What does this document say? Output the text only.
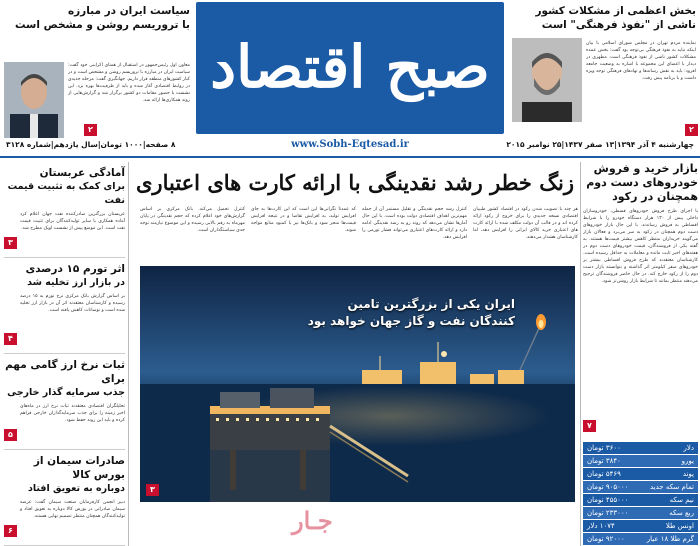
صبح اقتصاد
www.Sobh-Eqtesad.ir
بخش اعظمی از مشکلات کشور
ناشی از "نفوذ فرهنگی" است
نماینده مردم تهران در مجلس شورای اسلامی با بیان اینکه نباید به نفوذ فرهنگی بی‌توجه بود گفت: بخش عمده مشکلات کشور ناشی از نفوذ فرهنگی است. مطهری در دیدار با اعضای این مجموعه با اشاره به وضعیت جامعه افزود: باید به نقش رسانه‌ها و نهادهای فرهنگی توجه ویژه داشت و با برنامه پیش رفت.
۲
سیاست ایران در مبارزه
با تروریسم روشن و مشخص است
معاون اول رئیس‌جمهور در استقبال از همتای اکراینی خود گفت: سیاست ایران در مبارزه با تروریسم روشن و مشخص است و در کنار کشورهای منطقه قرار داریم. جهانگیری گفت: مرحله جدیدی در روابط اقتصادی آغاز شده و باید از ظرفیت‌ها بهره برد. این نشست با حضور مقامات دو کشور برگزار شد و گزارش‌هایی از روند همکاری‌ها ارائه شد.
۲
چهارشنبه ۴ آذر ۱۳۹۴|۱۳ صفر ۱۴۳۷|۲۵ نوامبر ۲۰۱۵
۸ صفحه|۱۰۰۰ تومان|سال یازدهم|شماره ۳۱۲۸
بازار خرید و فروش
خودروهای دست دوم
همچنان در رکود
با اجرای طرح فروش خودروهای قسطی، خودروسازان داخلی پیش از ۱۳۰ هزار دستگاه خودرو را با شرایط اقساطی به فروش رساندند. با این حال بازار خودروهای دست دوم همچنان در رکود به سر می‌برد و فعالان بازار می‌گویند خریداران منتظر کاهش بیشتر قیمت‌ها هستند. به گفته یکی از فروشندگان، قیمت خودروهای دست دوم در هفته‌های اخیر ثابت مانده و معاملات به حداقل رسیده است. کارشناسان معتقدند که طرح فروش اقساطی بیشتر بر خودروهای صفر کیلومتر اثر گذاشته و نتوانسته بازار دست دوم را از رکود خارج کند. در حال حاضر فروشندگان ترجیح می‌دهند منتظر بمانند تا شرایط بازار روشن‌تر شود.
۷
دلار
۳۶۰۰ تومان
یورو
۳۸۴۰ تومان
پوند
۵۴۶۹ تومان
تمام سکه جدید
۹۰۵۰۰۰ تومان
نیم سکه
۴۵۵۰۰۰ تومان
ربع سکه
۲۳۳۰۰۰ تومان
اونس طلا
۱۰۷۴ دلار
گرم طلا ۱۸ عیار
۹۲۰۰۰ تومان
زنگ خطر رشد نقدینگی با ارائه کارت های اعتباری
هر چند با تصویب شدن رکود در اقتصاد کشور طیبیان اقتصادی نسخه جدیدی را برای خروج از رکود ارائه کرده اند و در قالب آن دولت مکلف شده با ارائه کارت های اعتباری خرید کالای ایرانی را افزایش دهد، اما کارشناسان هشدار می‌دهند.
کنترل رشد حجم نقدینگی و تقلیل مستمر آن از جمله مهم‌ترین اهداف اقتصادی دولت بوده است. با این حال آمارها نشان می‌دهد که روند رو به رشد نقدینگی ادامه دارد و ارائه کارت‌های اعتباری می‌تواند فشار تورمی را افزایش دهد.
که عمدتاً نگرانی‌ها این است که این کارت‌ها به جای افزایش تولید، به افزایش تقاضا و در نتیجه افزایش قیمت‌ها منجر شود و بانک‌ها نیز با کمبود منابع مواجه شوند.
کنترل تحمیل می‌کند. بانک مرکزی بر اساس گزارش‌های خود اعلام کرده که حجم نقدینگی در پایان مهرماه به رقم بالایی رسیده و این موضوع نیازمند توجه جدی سیاستگذاران است.
ایران یکی از بزرگترین تامین
کنندگان نفت و گاز جهان خواهد بود
۳
جـار
آمادگی عربستان
برای کمک به تثبیت قیمت نفت
عربستان بزرگترین صادرکننده نفت جهان اعلام کرد آماده همکاری با سایر تولیدکنندگان برای تثبیت قیمت نفت است. این موضع پیش از نشست اوپک مطرح شد.
۳
اثر تورم ۱۵ درصدی
در بازار ارز تخلیه شد
بر اساس گزارش بانک مرکزی نرخ تورم به ۱۵ درصد رسیده و کارشناسان معتقدند اثر آن در بازار ارز تخلیه شده است و نوسانات کاهش یافته است.
۴
ثبات نرخ ارز گامی مهم برای
جذب سرمایه گذار خارجی
تحلیلگران اقتصادی معتقدند ثبات نرخ ارز در ماه‌های اخیر زمینه را برای جذب سرمایه‌گذاران خارجی فراهم کرده و باید این روند حفظ شود.
۵
صادرات سیمان از بورس کالا
دوباره به تعویق افتاد
دبیر انجمن کارفرمایان صنعت سیمان گفت: عرضه سیمان صادراتی در بورس کالا دوباره به تعویق افتاد و تولیدکنندگان همچنان منتظر تصمیم نهایی هستند.
۶
